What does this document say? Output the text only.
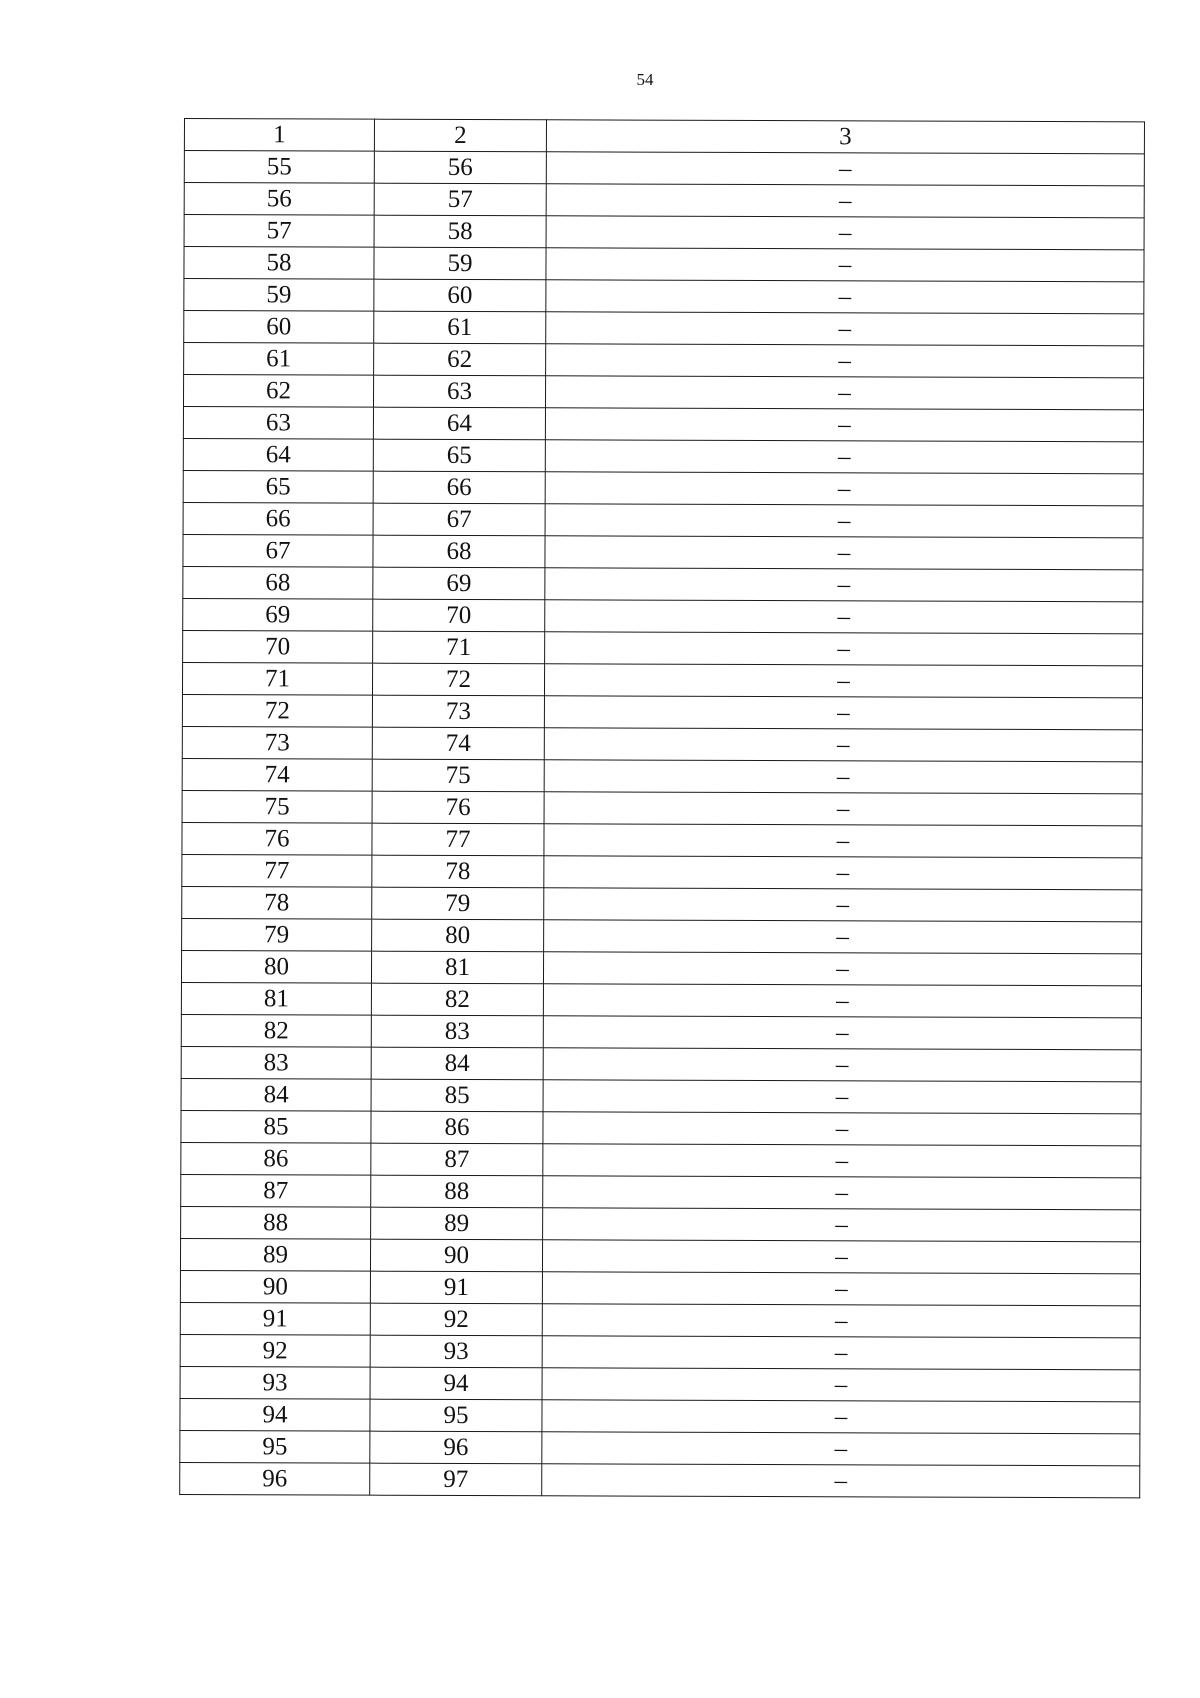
54
1	2	3
55	56	–
56	57	–
57	58	–
58	59	–
59	60	–
60	61	–
61	62	–
62	63	–
63	64	–
64	65	–
65	66	–
66	67	–
67	68	–
68	69	–
69	70	–
70	71	–
71	72	–
72	73	–
73	74	–
74	75	–
75	76	–
76	77	–
77	78	–
78	79	–
79	80	–
80	81	–
81	82	–
82	83	–
83	84	–
84	85	–
85	86	–
86	87	–
87	88	–
88	89	–
89	90	–
90	91	–
91	92	–
92	93	–
93	94	–
94	95	–
95	96	–
96	97	–
